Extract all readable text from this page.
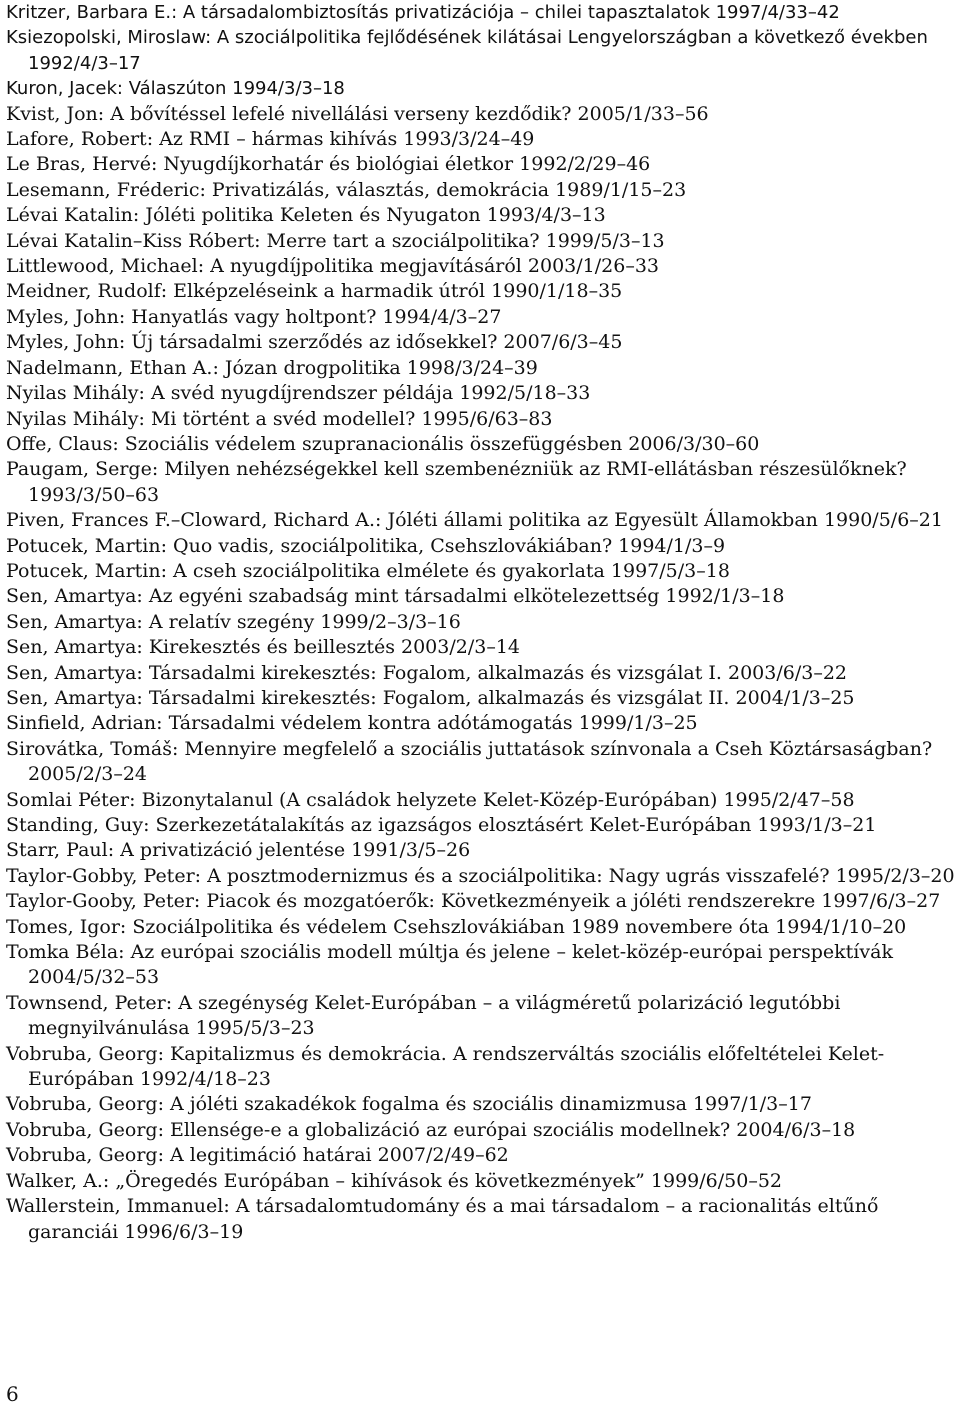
Kritzer, Barbara E.: A társadalombiztosítás privatizációja – chilei tapasztalatok 1997/4/33–42
Ksiezopolski, Miroslaw: A szociálpolitika fejlődésének kilátásai Lengyelországban a következő években 1992/4/3–17
Kuron, Jacek: Válaszúton 1994/3/3–18
Kvist, Jon: A bővítéssel lefelé nivellálási verseny kezdődik? 2005/1/33–56
Lafore, Robert: Az RMI – hármas kihívás 1993/3/24–49
Le Bras, Hervé: Nyugdíjkorhatár és biológiai életkor 1992/2/29–46
Lesemann, Fréderic: Privatizálás, választás, demokrácia 1989/1/15–23
Lévai Katalin: Jóléti politika Keleten és Nyugaton 1993/4/3–13
Lévai Katalin–Kiss Róbert: Merre tart a szociálpolitika? 1999/5/3–13
Littlewood, Michael: A nyugdíjpolitika megjavításáról 2003/1/26–33
Meidner, Rudolf: Elképzeléseink a harmadik útról 1990/1/18–35
Myles, John: Hanyatlás vagy holtpont? 1994/4/3–27
Myles, John: Új társadalmi szerződés az idősekkel? 2007/6/3–45
Nadelmann, Ethan A.: Józan drogpolitika 1998/3/24–39
Nyilas Mihály: A svéd nyugdíjrendszer példája 1992/5/18–33
Nyilas Mihály: Mi történt a svéd modellel? 1995/6/63–83
Offe, Claus: Szociális védelem szupranacionális összefüggésben 2006/3/30–60
Paugam, Serge: Milyen nehézségekkel kell szembenézniük az RMI-ellátásban részesülőknek? 1993/3/50–63
Piven, Frances F.–Cloward, Richard A.: Jóléti állami politika az Egyesült Államokban 1990/5/6–21
Potucek, Martin: Quo vadis, szociálpolitika, Csehszlovákiában? 1994/1/3–9
Potucek, Martin: A cseh szociálpolitika elmélete és gyakorlata 1997/5/3–18
Sen, Amartya: Az egyéni szabadság mint társadalmi elkötelezettség 1992/1/3–18
Sen, Amartya: A relatív szegény 1999/2–3/3–16
Sen, Amartya: Kirekesztés és beillesztés 2003/2/3–14
Sen, Amartya: Társadalmi kirekesztés: Fogalom, alkalmazás és vizsgálat I. 2003/6/3–22
Sen, Amartya: Társadalmi kirekesztés: Fogalom, alkalmazás és vizsgálat II. 2004/1/3–25
Sinfield, Adrian: Társadalmi védelem kontra adótámogatás 1999/1/3–25
Sirovátka, Tomáš: Mennyire megfelelő a szociális juttatások színvonala a Cseh Köztársaságban? 2005/2/3–24
Somlai Péter: Bizonytalanul (A családok helyzete Kelet-Közép-Európában) 1995/2/47–58
Standing, Guy: Szerkezetátalakítás az igazságos elosztásért Kelet-Európában 1993/1/3–21
Starr, Paul: A privatizáció jelentése 1991/3/5–26
Taylor-Gobby, Peter: A posztmodernizmus és a szociálpolitika: Nagy ugrás visszafelé? 1995/2/3–20
Taylor-Gooby, Peter: Piacok és mozgatóerők: Következményeik a jóléti rendszerekre 1997/6/3–27
Tomes, Igor: Szociálpolitika és védelem Csehszlovákiában 1989 novembere óta 1994/1/10–20
Tomka Béla: Az európai szociális modell múltja és jelene – kelet-közép-európai perspektívák 2004/5/32–53
Townsend, Peter: A szegénység Kelet-Európában – a világméretű polarizáció legutóbbi megnyilvánulása 1995/5/3–23
Vobruba, Georg: Kapitalizmus és demokrácia. A rendszerváltás szociális előfeltételei Kelet-Európában 1992/4/18–23
Vobruba, Georg: A jóléti szakadékok fogalma és szociális dinamizmusa 1997/1/3–17
Vobruba, Georg: Ellensége-e a globalizáció az európai szociális modellnek? 2004/6/3–18
Vobruba, Georg: A legitimáció határai 2007/2/49–62
Walker, A.: „Öregedés Európában – kihívások és következmények” 1999/6/50–52
Wallerstein, Immanuel: A társadalomtudomány és a mai társadalom – a racionalitás eltűnő garanciái 1996/6/3–19
6
